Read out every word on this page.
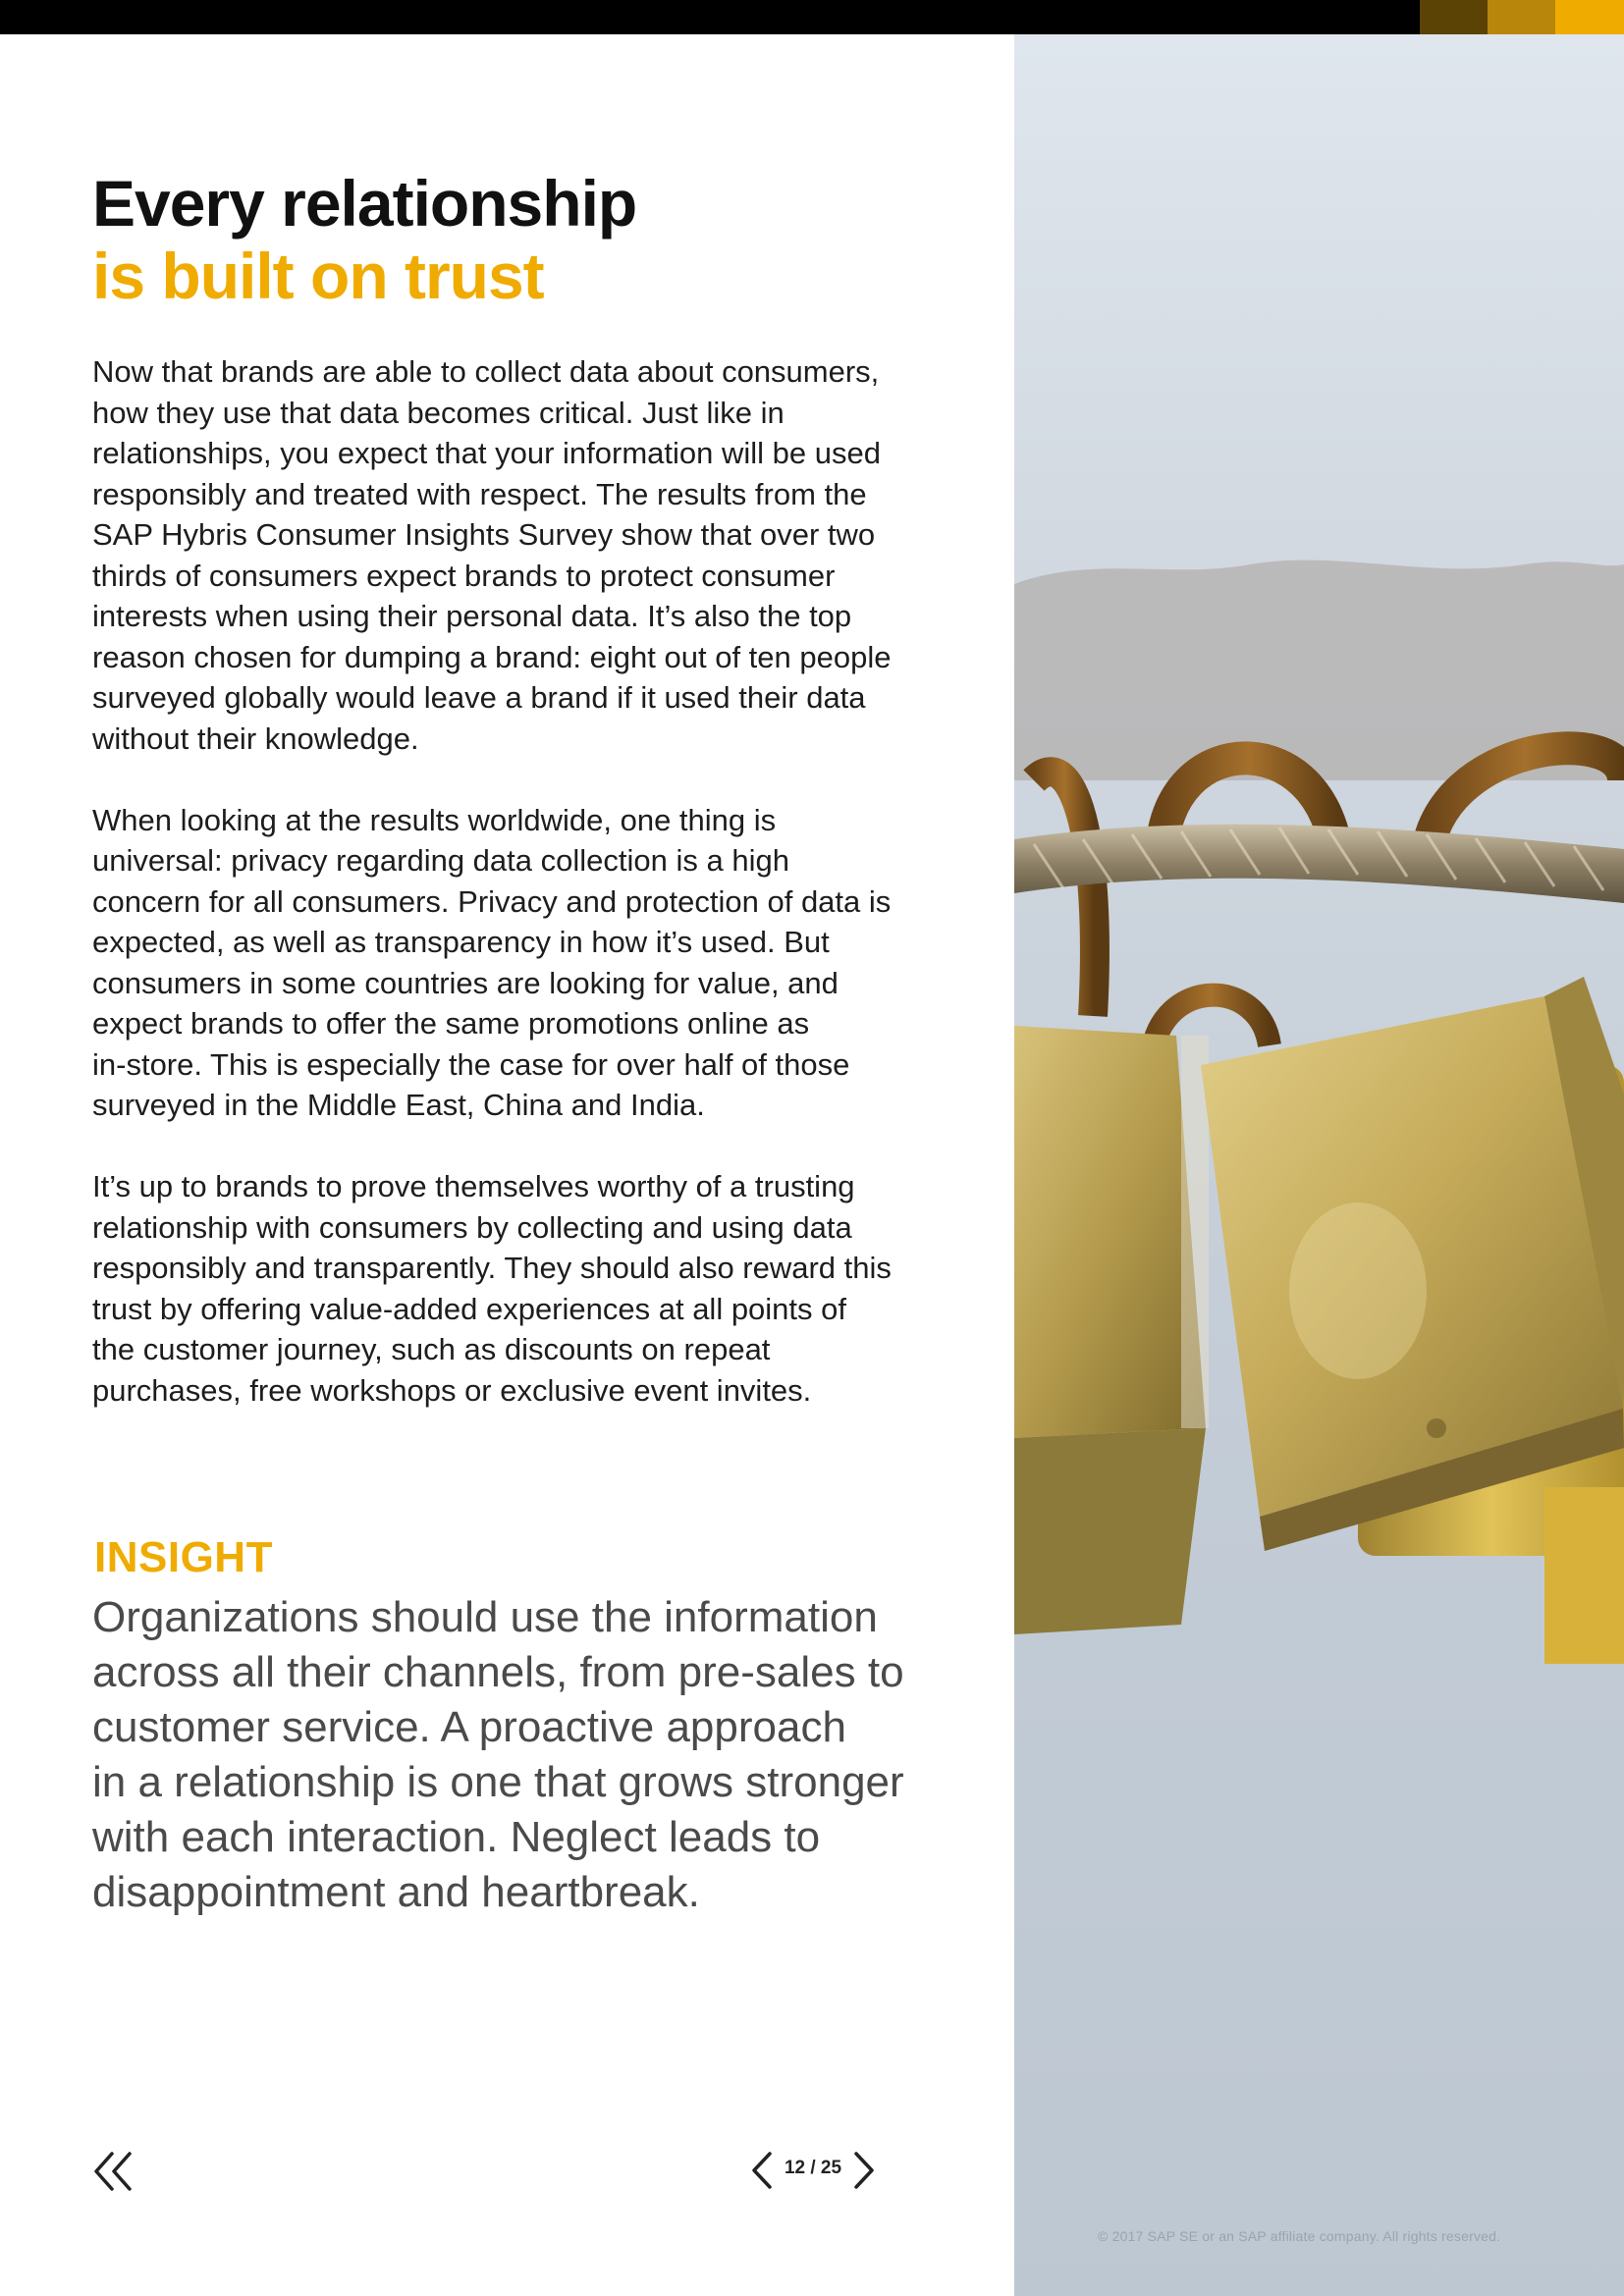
© 2017 SAP SE or an SAP affiliate company. All rights reserved.
Every relationship
is built on trust

Now that brands are able to collect data about consumers,
how they use that data becomes critical. Just like in
relationships, you expect that your information will be used
responsibly and treated with respect. The results from the
SAP Hybris Consumer Insights Survey show that over two
thirds of consumers expect brands to protect consumer
interests when using their personal data. It’s also the top
reason chosen for dumping a brand: eight out of ten people
surveyed globally would leave a brand if it used their data
without their knowledge.

When looking at the results worldwide, one thing is
universal: privacy regarding data collection is a high
concern for all consumers. Privacy and protection of data is
expected, as well as transparency in how it’s used. But
consumers in some countries are looking for value, and
expect brands to offer the same promotions online as
in-store. This is especially the case for over half of those
surveyed in the Middle East, China and India.

It’s up to brands to prove themselves worthy of a trusting
relationship with consumers by collecting and using data
responsibly and transparently. They should also reward this
trust by offering value-added experiences at all points of
the customer journey, such as discounts on repeat
purchases, free workshops or exclusive event invites.

INSIGHT
Organizations should use the information
across all their channels, from pre-sales to
customer service. A proactive approach
in a relationship is one that grows stronger
with each interaction. Neglect leads to
disappointment and heartbreak.
12 / 25
